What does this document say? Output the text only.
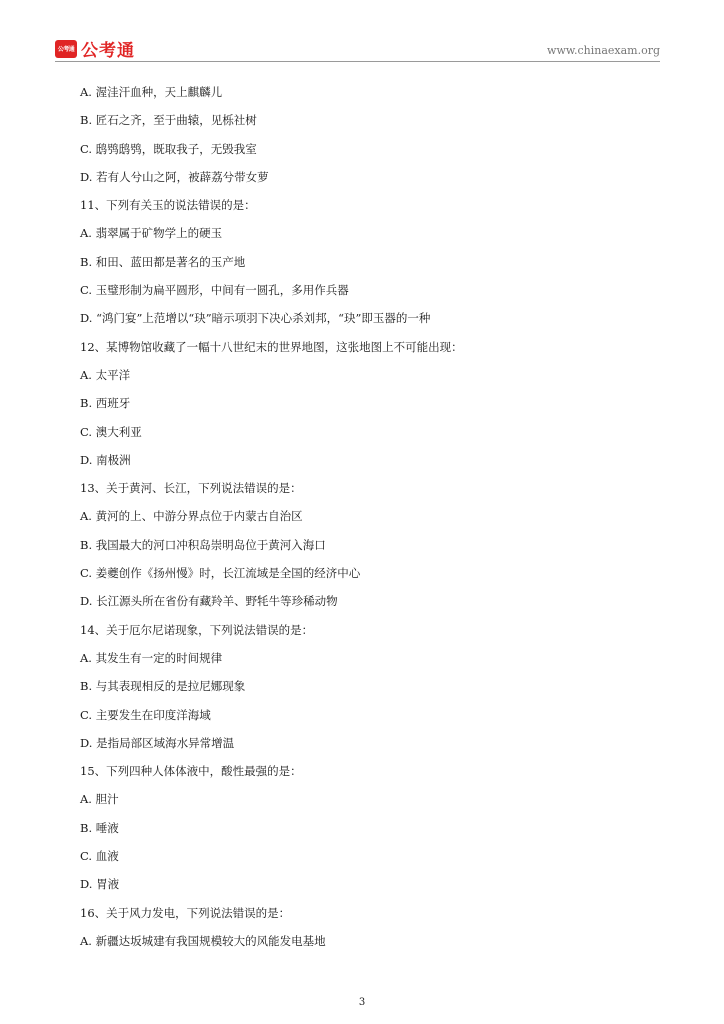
公考通 公考通	www.chinaexam.org
A. 渥洼汗血种，天上麒麟儿
B. 匠石之齐，至于曲辕，见栎社树
C. 鸱鸮鸱鸮，既取我子，无毁我室
D. 若有人兮山之阿，被薜荔兮带女萝
11、下列有关玉的说法错误的是：
A. 翡翠属于矿物学上的硬玉
B. 和田、蓝田都是著名的玉产地
C. 玉璧形制为扁平圆形，中间有一圆孔，多用作兵器
D. “鸿门宴”上范增以“玦”暗示项羽下决心杀刘邦，“玦”即玉器的一种
12、某博物馆收藏了一幅十八世纪末的世界地图，这张地图上不可能出现：
A. 太平洋
B. 西班牙
C. 澳大利亚
D. 南极洲
13、关于黄河、长江，下列说法错误的是：
A. 黄河的上、中游分界点位于内蒙古自治区
B. 我国最大的河口冲积岛崇明岛位于黄河入海口
C. 姜夔创作《扬州慢》时，长江流域是全国的经济中心
D. 长江源头所在省份有藏羚羊、野牦牛等珍稀动物
14、关于厄尔尼诺现象，下列说法错误的是：
A. 其发生有一定的时间规律
B. 与其表现相反的是拉尼娜现象
C. 主要发生在印度洋海域
D. 是指局部区域海水异常增温
15、下列四种人体体液中，酸性最强的是：
A. 胆汁
B. 唾液
C. 血液
D. 胃液
16、关于风力发电，下列说法错误的是：
A. 新疆达坂城建有我国规模较大的风能发电基地
3
